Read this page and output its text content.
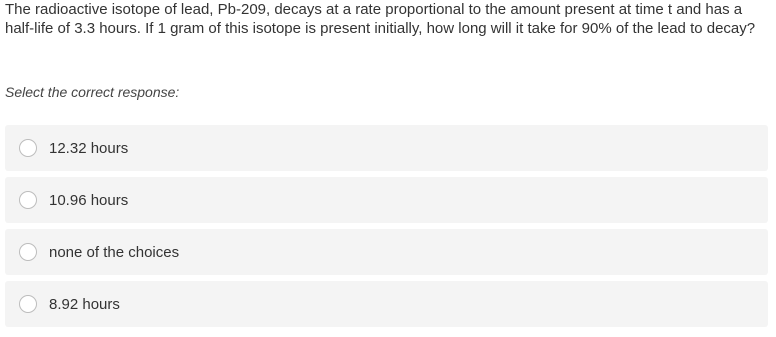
The radioactive isotope of lead, Pb-209, decays at a rate proportional to the amount present at time t and has a half-life of 3.3 hours. If 1 gram of this isotope is present initially, how long will it take for 90% of the lead to decay?

Select the correct response:

12.32 hours
10.96 hours
none of the choices
8.92 hours
